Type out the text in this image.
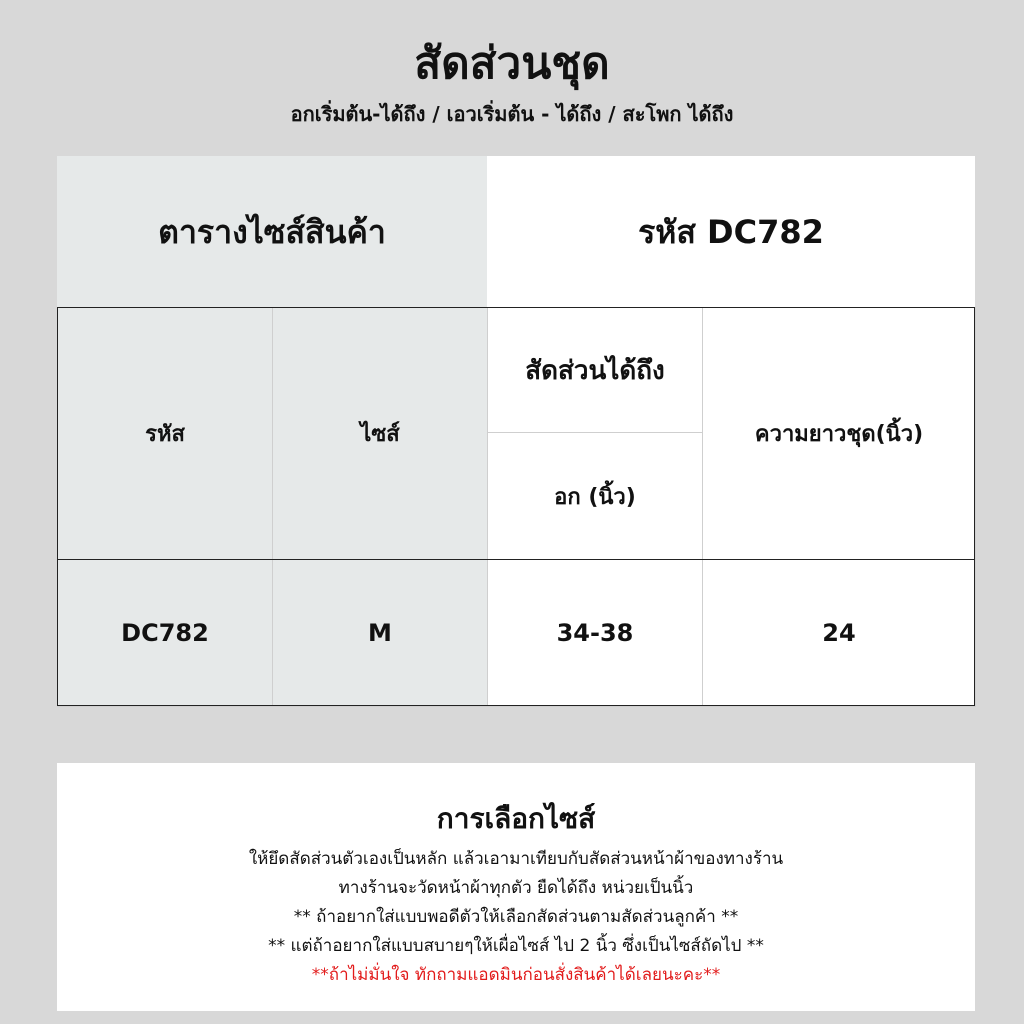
สัดส่วนชุด
อกเริ่มต้น-ได้ถึง / เอวเริ่มต้น - ได้ถึง / สะโพก ได้ถึง
ตารางไซส์สินค้า	รหัส DC782
รหัส	ไซส์	สัดส่วนได้ถึง	ความยาวชุด(นิ้ว)
		อก (นิ้ว)	
DC782	M	34-38	24
การเลือกไซส์
ให้ยึดสัดส่วนตัวเองเป็นหลัก แล้วเอามาเทียบกับสัดส่วนหน้าผ้าของทางร้าน
ทางร้านจะวัดหน้าผ้าทุกตัว ยืดได้ถึง หน่วยเป็นนิ้ว
** ถ้าอยากใส่แบบพอดีตัวให้เลือกสัดส่วนตามสัดส่วนลูกค้า **
** แต่ถ้าอยากใส่แบบสบายๆให้เผื่อไซส์ ไป 2 นิ้ว ซึ่งเป็นไซส์ถัดไป **
**ถ้าไม่มั่นใจ ทักถามแอดมินก่อนสั่งสินค้าได้เลยนะคะ**
